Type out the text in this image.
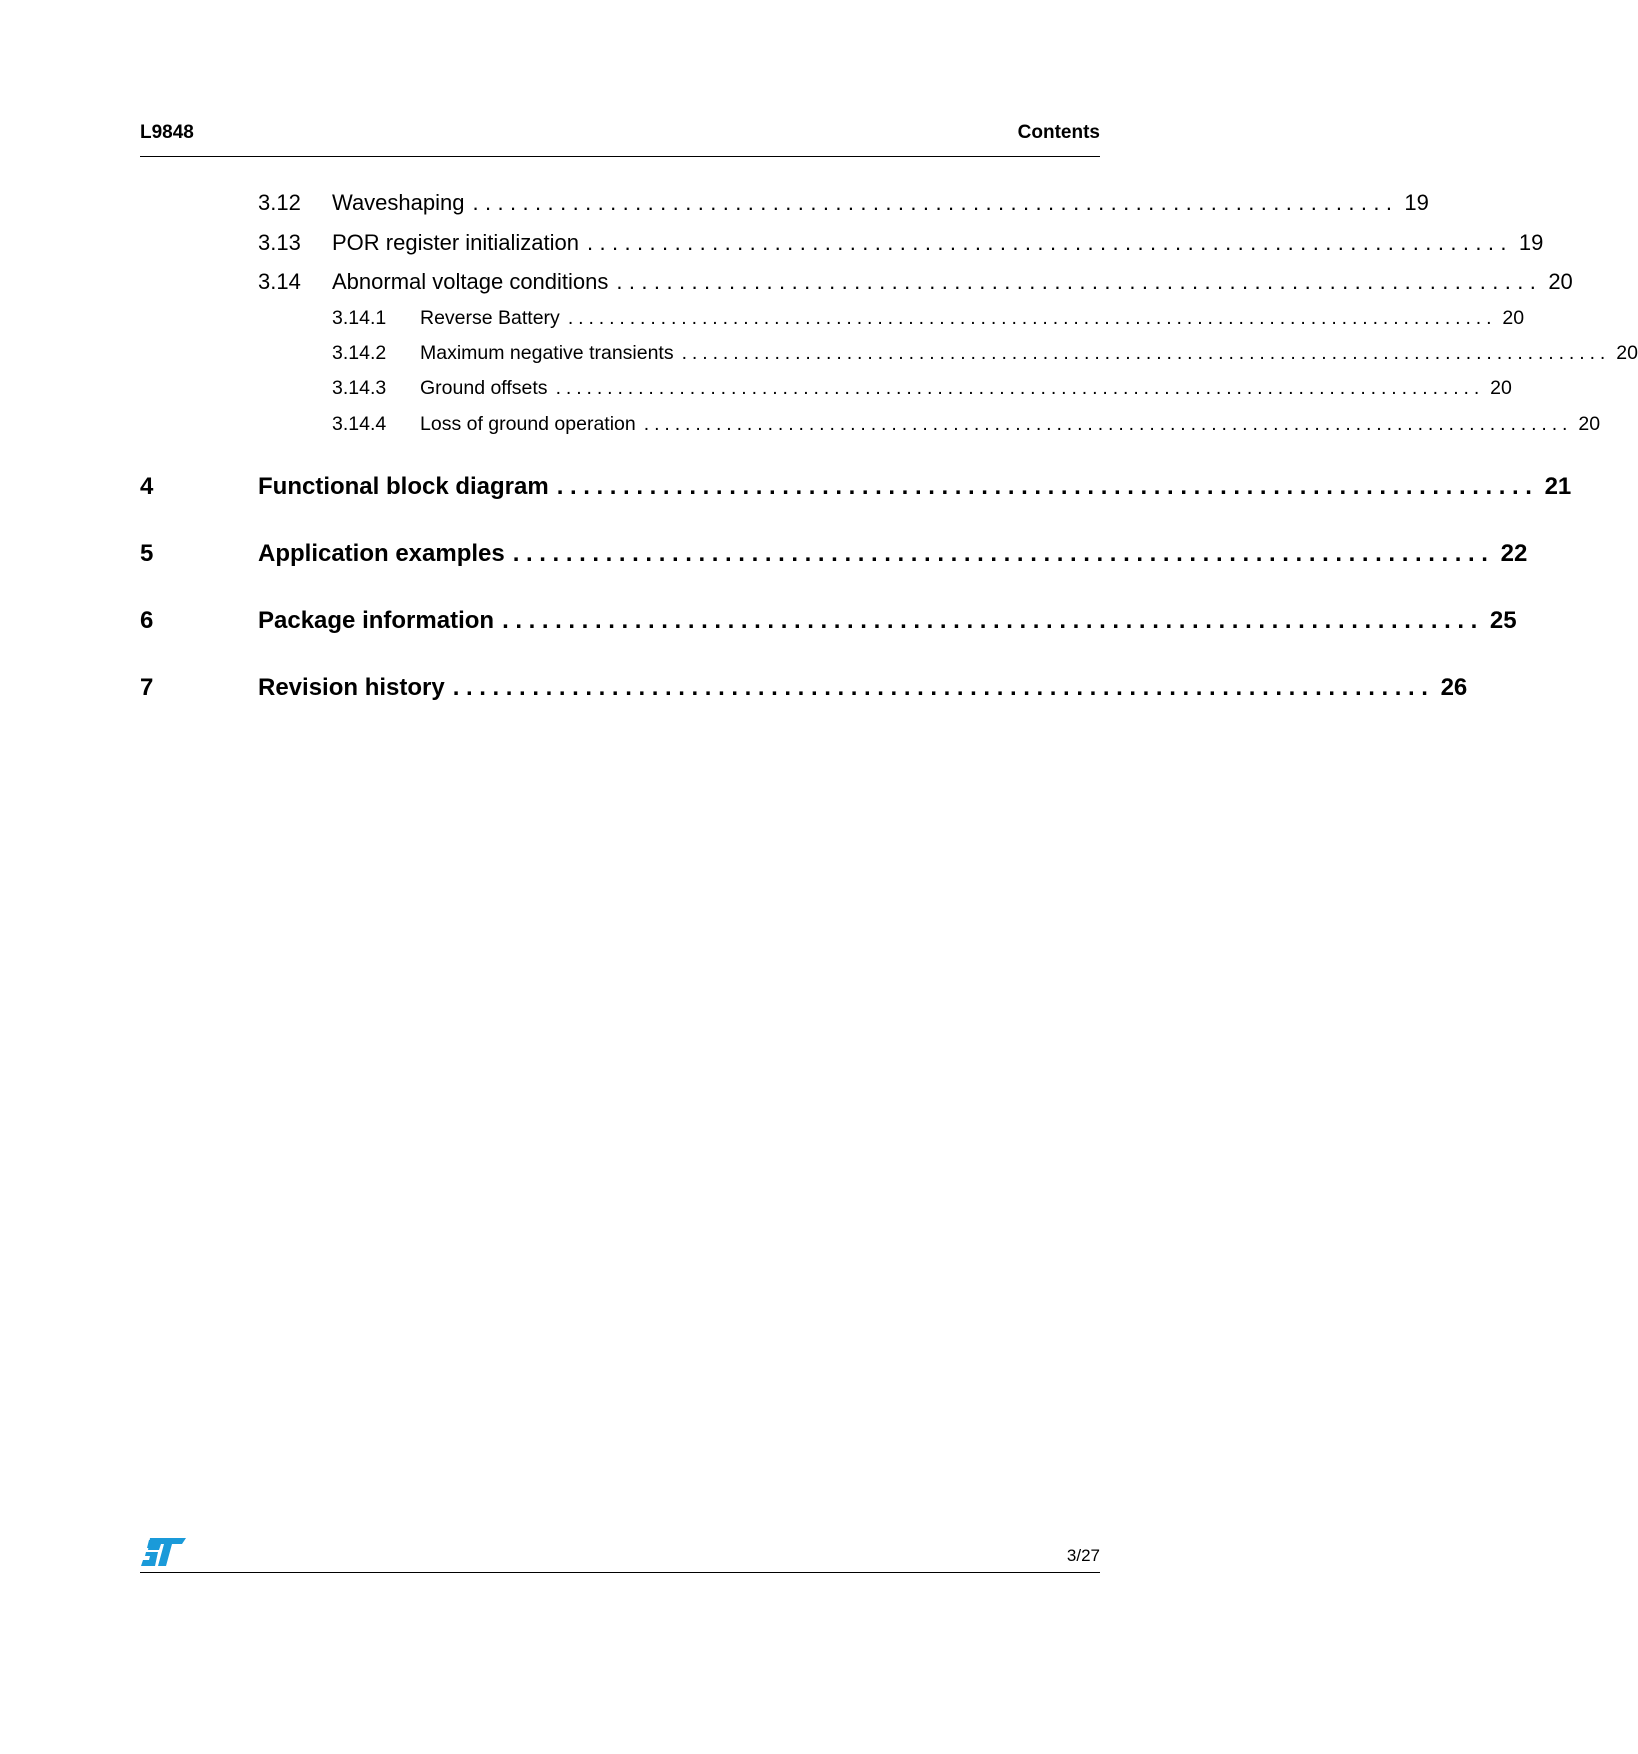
L9848	Contents
3.12	Waveshaping .......................................................................... 19
3.13	POR register initialization .......................................................................... 19
3.14	Abnormal voltage conditions .......................................................................... 20
3.14.1	Reverse Battery .......................................................................................... 20
3.14.2	Maximum negative transients .......................................................................................... 20
3.14.3	Ground offsets .......................................................................................... 20
3.14.4	Loss of ground operation .......................................................................................... 20
4	Functional block diagram .......................................................................... 21
5	Application examples .......................................................................... 22
6	Package information .......................................................................... 25
7	Revision history .......................................................................... 26
3/27
